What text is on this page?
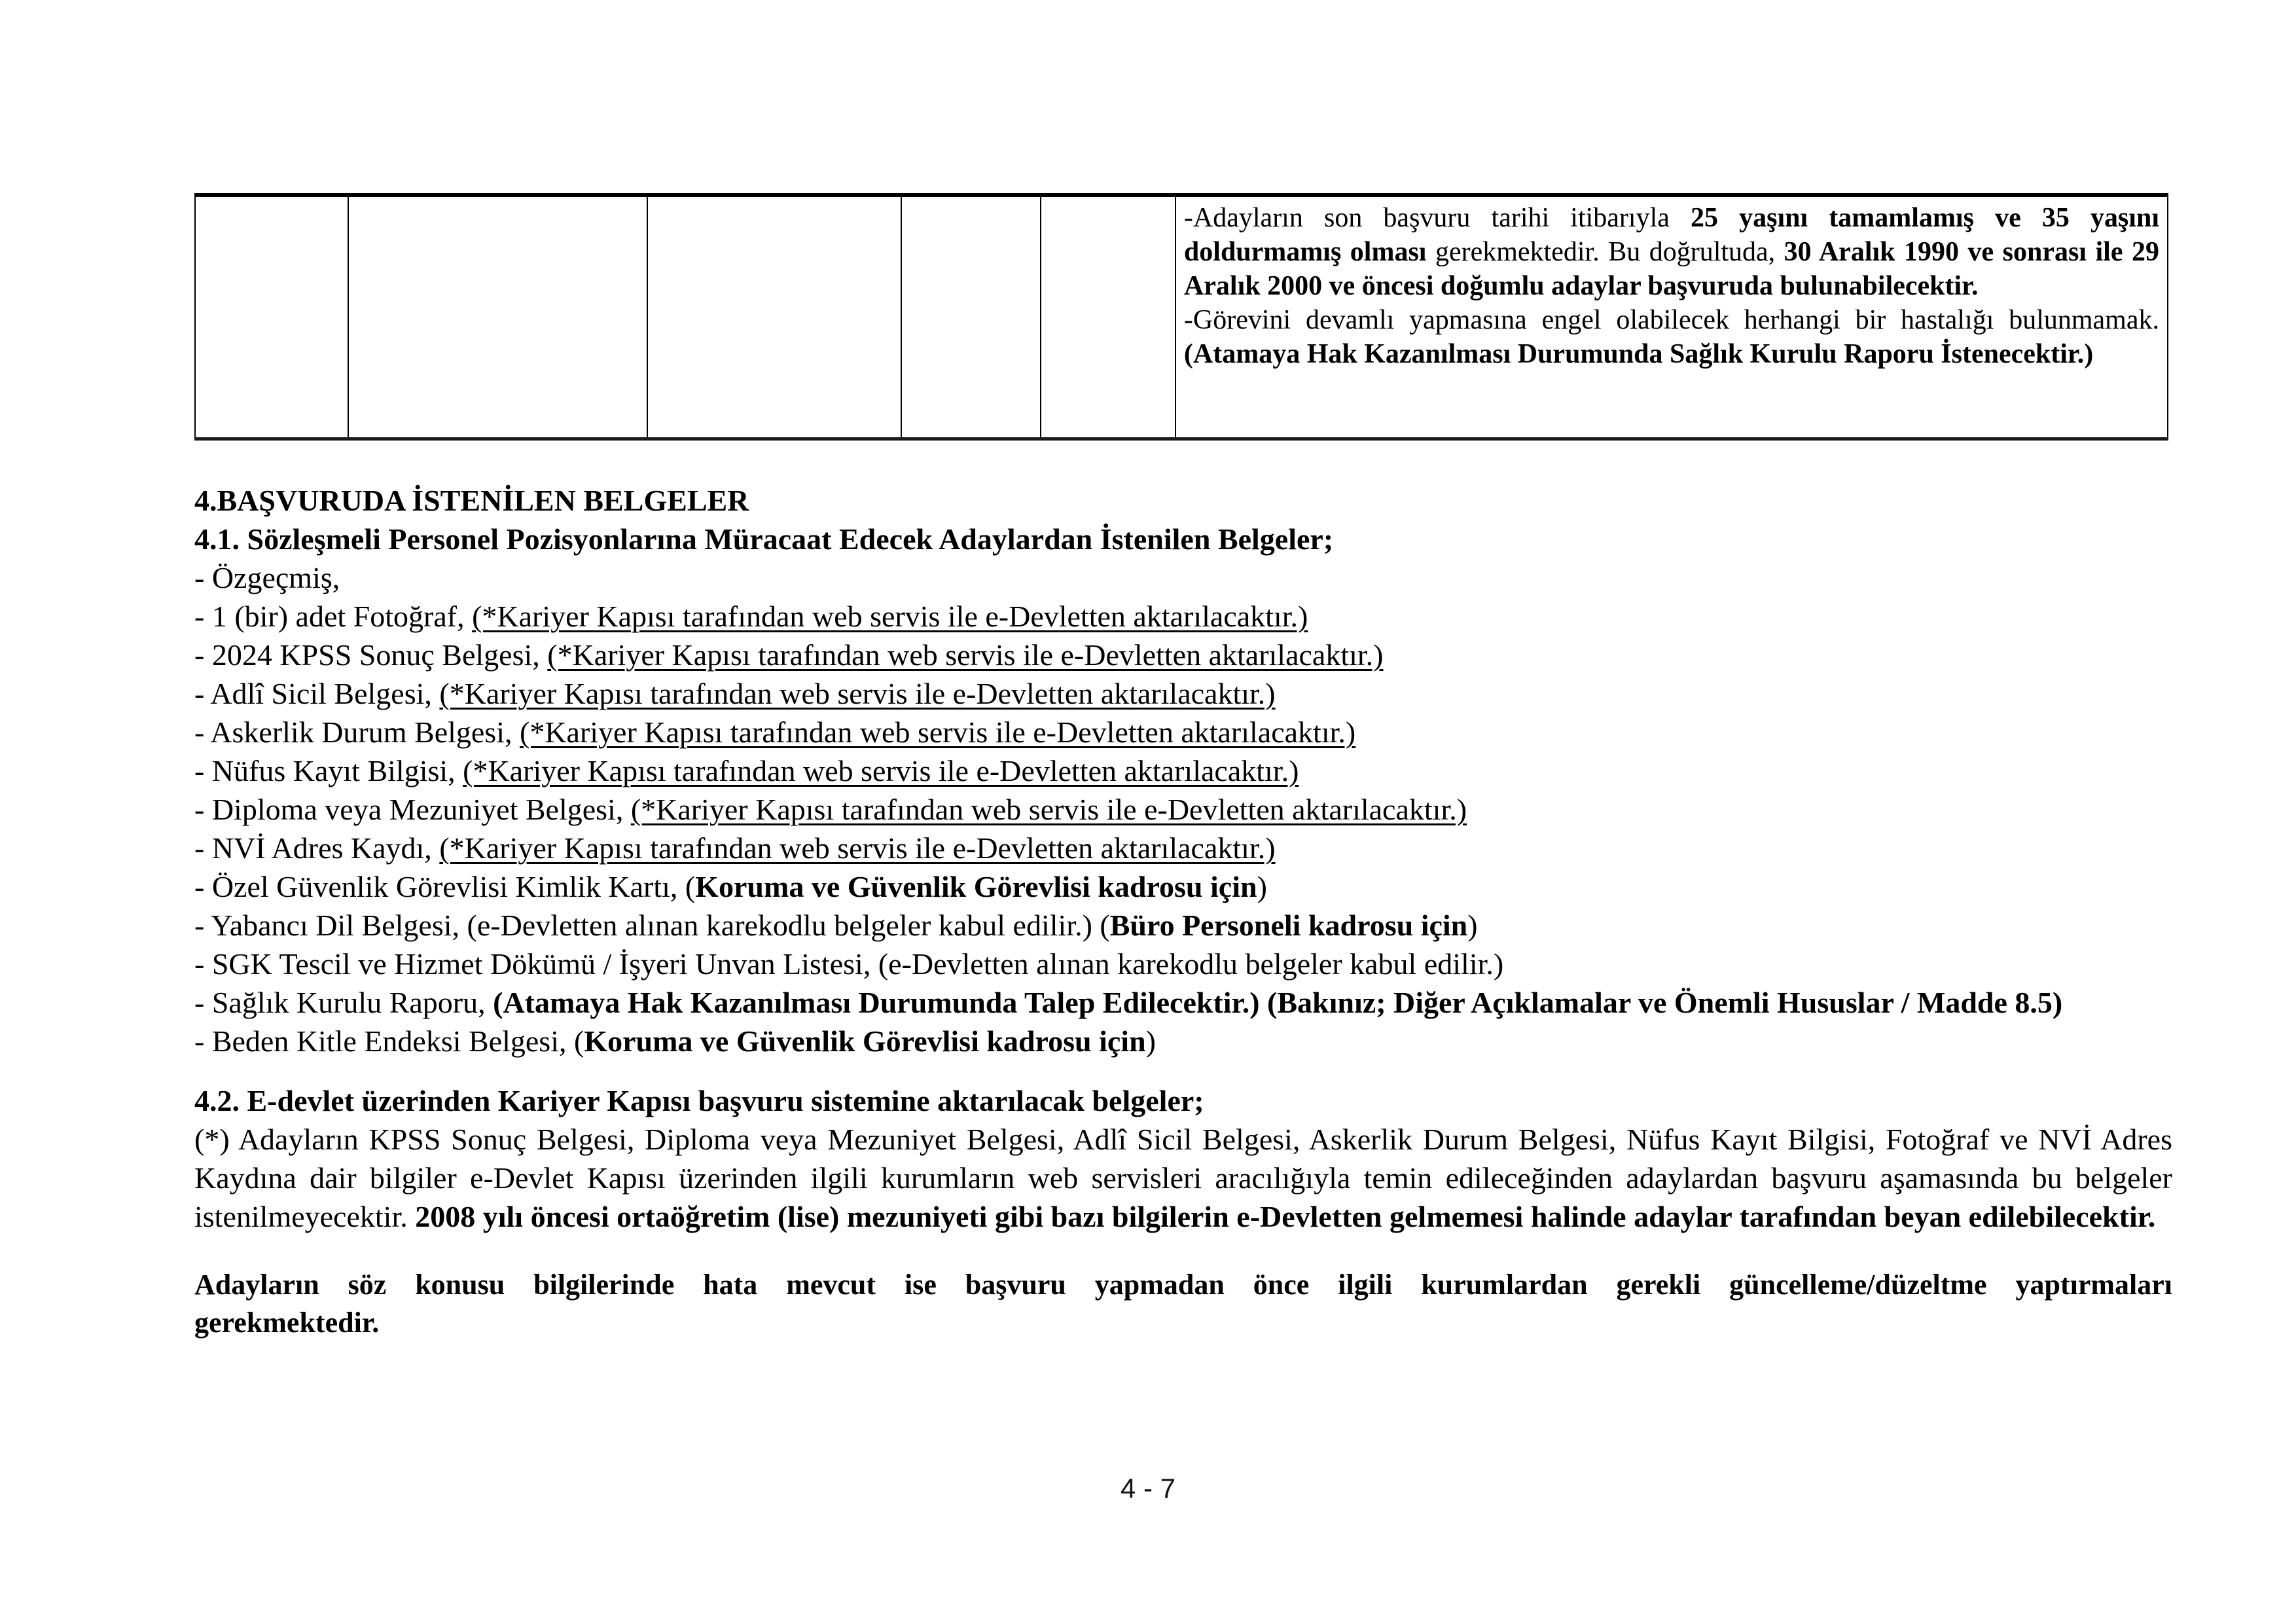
					-Adayların son başvuru tarihi itibarıyla 25 yaşını tamamlamış ve 35 yaşını doldurmamış olması gerekmektedir. Bu doğrultuda, 30 Aralık 1990 ve sonrası ile 29 Aralık 2000 ve öncesi doğumlu adaylar başvuruda bulunabilecektir.
-Görevini devamlı yapmasına engel olabilecek herhangi bir hastalığı bulunmamak. (Atamaya Hak Kazanılması Durumunda Sağlık Kurulu Raporu İstenecektir.)
4.BAŞVURUDA İSTENİLEN BELGELER
4.1. Sözleşmeli Personel Pozisyonlarına Müracaat Edecek Adaylardan İstenilen Belgeler;
- Özgeçmiş,
- 1 (bir) adet Fotoğraf, (*Kariyer Kapısı tarafından web servis ile e-Devletten aktarılacaktır.)
- 2024 KPSS Sonuç Belgesi, (*Kariyer Kapısı tarafından web servis ile e-Devletten aktarılacaktır.)
- Adlî Sicil Belgesi, (*Kariyer Kapısı tarafından web servis ile e-Devletten aktarılacaktır.)
- Askerlik Durum Belgesi, (*Kariyer Kapısı tarafından web servis ile e-Devletten aktarılacaktır.)
- Nüfus Kayıt Bilgisi, (*Kariyer Kapısı tarafından web servis ile e-Devletten aktarılacaktır.)
- Diploma veya Mezuniyet Belgesi, (*Kariyer Kapısı tarafından web servis ile e-Devletten aktarılacaktır.)
- NVİ Adres Kaydı, (*Kariyer Kapısı tarafından web servis ile e-Devletten aktarılacaktır.)
- Özel Güvenlik Görevlisi Kimlik Kartı, (Koruma ve Güvenlik Görevlisi kadrosu için)
- Yabancı Dil Belgesi, (e-Devletten alınan karekodlu belgeler kabul edilir.) (Büro Personeli kadrosu için)
- SGK Tescil ve Hizmet Dökümü / İşyeri Unvan Listesi, (e-Devletten alınan karekodlu belgeler kabul edilir.)
- Sağlık Kurulu Raporu, (Atamaya Hak Kazanılması Durumunda Talep Edilecektir.) (Bakınız; Diğer Açıklamalar ve Önemli Hususlar / Madde 8.5)
- Beden Kitle Endeksi Belgesi, (Koruma ve Güvenlik Görevlisi kadrosu için)
4.2. E-devlet üzerinden Kariyer Kapısı başvuru sistemine aktarılacak belgeler;
(*) Adayların KPSS Sonuç Belgesi, Diploma veya Mezuniyet Belgesi, Adlî Sicil Belgesi, Askerlik Durum Belgesi, Nüfus Kayıt Bilgisi, Fotoğraf ve NVİ Adres Kaydına dair bilgiler e-Devlet Kapısı üzerinden ilgili kurumların web servisleri aracılığıyla temin edileceğinden adaylardan başvuru aşamasında bu belgeler istenilmeyecektir. 2008 yılı öncesi ortaöğretim (lise) mezuniyeti gibi bazı bilgilerin e-Devletten gelmemesi halinde adaylar tarafından beyan edilebilecektir.
Adayların söz konusu bilgilerinde hata mevcut ise başvuru yapmadan önce ilgili kurumlardan gerekli güncelleme/düzeltme yaptırmaları
gerekmektedir.
4 - 7
